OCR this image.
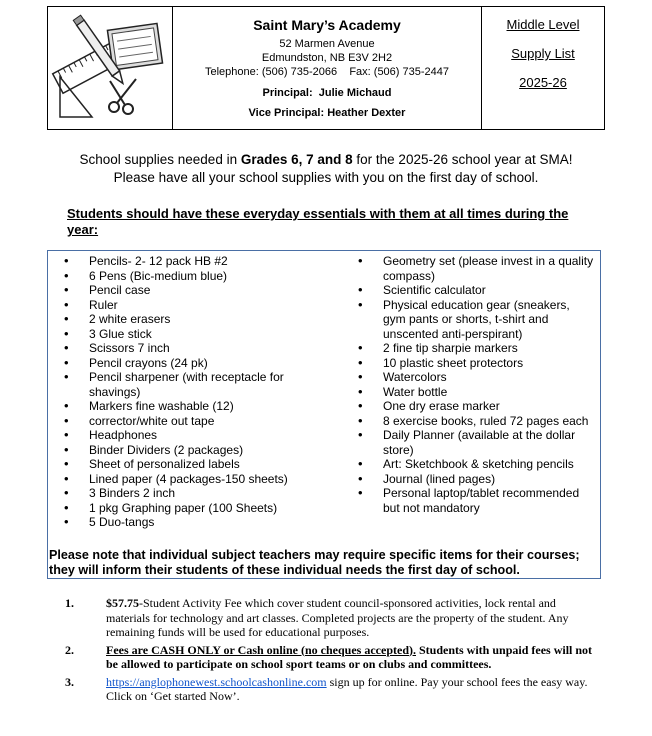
Saint Mary’s Academy
52 Marmen Avenue
Edmundston, NB E3V 2H2
Telephone: (506) 735-2066    Fax: (506) 735-2447
Principal:  Julie Michaud
Vice Principal: Heather Dexter
Middle Level
Supply List
2025-26
School supplies needed in Grades 6, 7 and 8 for the 2025-26 school year at SMA!
Please have all your school supplies with you on the first day of school.
Students should have these everyday essentials with them at all times during the year:
• Pencils- 2- 12 pack HB #2
• 6 Pens (Bic-medium blue)
• Pencil case
• Ruler
• 2 white erasers
• 3 Glue stick
• Scissors 7 inch
• Pencil crayons (24 pk)
• Pencil sharpener (with receptacle for shavings)
• Markers fine washable (12)
• corrector/white out tape
• Headphones
• Binder Dividers (2 packages)
• Sheet of personalized labels
• Lined paper (4 packages-150 sheets)
• 3 Binders 2 inch
• 1 pkg Graphing paper (100 Sheets)
• 5 Duo-tangs
• Geometry set (please invest in a quality compass)
• Scientific calculator
• Physical education gear (sneakers, gym pants or shorts, t-shirt and unscented anti-perspirant)
• 2 fine tip sharpie markers
• 10 plastic sheet protectors
• Watercolors
• Water bottle
• One dry erase marker
• 8 exercise books, ruled 72 pages each
• Daily Planner (available at the dollar store)
• Art: Sketchbook & sketching pencils
• Journal (lined pages)
• Personal laptop/tablet recommended but not mandatory
Please note that individual subject teachers may require specific items for their courses; they will inform their students of these individual needs the first day of school.
1.	$57.75-Student Activity Fee which cover student council-sponsored activities, lock rental and materials for technology and art classes. Completed projects are the property of the student. Any remaining funds will be used for educational purposes.
2.	Fees are CASH ONLY or Cash online (no cheques accepted). Students with unpaid fees will not be allowed to participate on school sport teams or on clubs and committees.
3.	https://anglophonewest.schoolcashonline.com sign up for online. Pay your school fees the easy way. Click on ‘Get started Now’.
